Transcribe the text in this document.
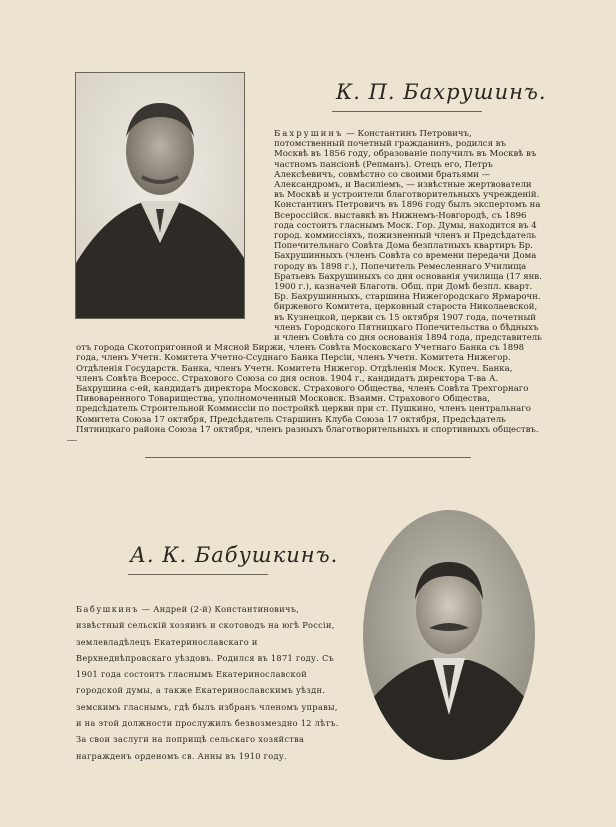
К. П. Бахрушинъ.

Бахрушинъ — Константинъ Петровичъ, потомственный почетный гражданинъ, родился въ Москвѣ въ 1856 году, образованіе получилъ въ Москвѣ въ частномъ пансіонѣ (Репманъ). Отецъ его, Петръ Алексѣевичъ, совмѣстно со своими братьями — Александромъ, и Василіемъ, — извѣстные жертвователи въ Москвѣ и устроители благотворительныхъ учрежденій. Константинъ Петровичъ въ 1896 году былъ экспертомъ на Всероссійск. выставкѣ въ Нижнемъ-Новгородѣ, съ 1896 года состоитъ гласнымъ Моск. Гор. Думы, находится въ 4 город. коммиссіяхъ, пожизненный членъ и Предсѣдатель Попечительнаго Совѣта Дома безплатныхъ квартиръ Бр. Бахрушинныхъ (членъ Совѣта со времени передачи Дома городу въ 1898 г.), Попечитель Ремесленнаго Училища Братьевъ Бахрушиныхъ со дня основанія училища (17 янв. 1900 г.), казначей Благотв. Общ. при Домѣ безпл. кварт. Бр. Бахрушинныхъ, старшина Нижегородскаго Ярмарочн. биржевого Комитета, церковный староста Николаевской, въ Кузнецкой, церкви съ 15 октября 1907 года, почетный членъ Городского Пятницкаго Попечительства о бѣдныхъ и членъ Совѣта со дня основанія 1894 года, представитель отъ города Скотопригонной и Мясной Биржи, членъ Совѣта Московскаго Учетнаго Банка съ 1898 года, членъ Учетн. Комитета Учетно-Ссуднаго Банка Персіи, членъ Учетн. Комитета Нижегор. Отдѣленія Государств. Банка, членъ Учетн. Комитета Нижегор. Отдѣленія Моск. Купеч. Банка, членъ Совѣта Всеросс. Страхового Союза со дня основ. 1904 г., кандидатъ директора Т-ва А. Бахрушина с-ей, кандидатъ директора Московск. Страхового Общества, членъ Совѣта Трехгорнаго Пивоваренного Товарищества, уполномоченный Московск. Взаимн. Страхового Общества, предсѣдатель Строительной Коммиссіи по постройкѣ церкви при ст. Пушкино, членъ центральнаго Комитета Союза 17 октября, Предсѣдатель Старшинъ Клуба Союза 17 октября, Предсѣдатель Пятницкаго района Союза 17 октября, членъ разныхъ благотворительныхъ и спортивныхъ обществъ.

А. К. Бабушкинъ.

Бабушкинъ — Андрей (2-й) Константиновичъ, извѣстный сельскій хозяинъ и скотоводъ на югѣ Россіи, землевладѣлецъ Екатеринославскаго и Верхнеднѣпровскаго уѣздовъ. Родился въ 1871 году. Съ 1901 года состоитъ гласнымъ Екатеринославской городской думы, а также Екатеринославскимъ уѣздн. земскимъ гласнымъ, гдѣ былъ избранъ членомъ управы, и на этой должности прослужилъ безвозмездно 12 лѣтъ. За свои заслуги на поприщѣ сельскаго хозяйства награжденъ орденомъ св. Анны въ 1910 году.
